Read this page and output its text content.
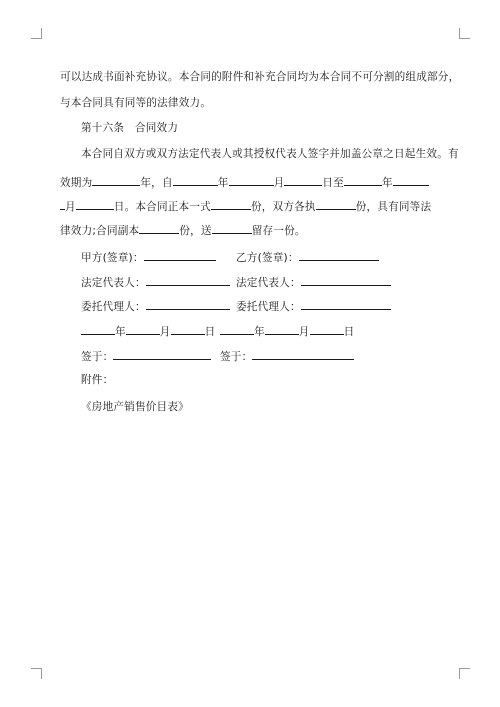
可以达成书面补充协议。本合同的附件和补充合同均为本合同不可分割的组成部分，
与本合同具有同等的法律效力。
第十六条　合同效力
本合同自双方或双方法定代表人或其授权代表人签字并加盖公章之日起生效。有
效期为	年，自	年	月	日至	年
月	日。本合同正本一式	份，双方各执	份，具有同等法
律效力;合同副本	份，送	留存一份。
甲方(签章)：	乙方(签章)：
法定代表人：	法定代表人：
委托代理人：	委托代理人：
年	月	日	年	月	日
签于：	签于：
附件：
《房地产销售价目表》
